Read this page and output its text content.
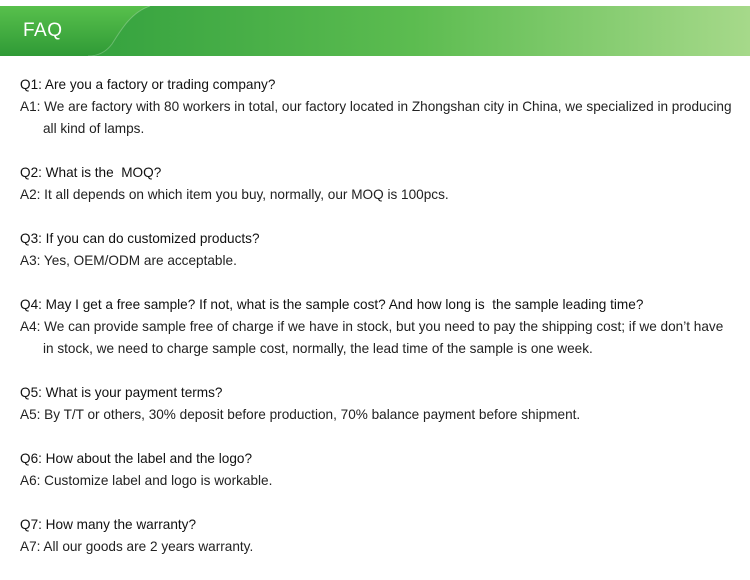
FAQ
Q1: Are you a factory or trading company?
A1: We are factory with 80 workers in total, our factory located in Zhongshan city in China, we specialized in producing all kind of lamps.
Q2: What is the  MOQ?
A2: It all depends on which item you buy, normally, our MOQ is 100pcs.
Q3: If you can do customized products?
A3: Yes, OEM/ODM are acceptable.
Q4: May I get a free sample? If not, what is the sample cost? And how long is  the sample leading time?
A4: We can provide sample free of charge if we have in stock, but you need to pay the shipping cost; if we don’t have in stock, we need to charge sample cost, normally, the lead time of the sample is one week.
Q5: What is your payment terms?
A5: By T/T or others, 30% deposit before production, 70% balance payment before shipment.
Q6: How about the label and the logo?
A6: Customize label and logo is workable.
Q7: How many the warranty?
A7: All our goods are 2 years warranty.
